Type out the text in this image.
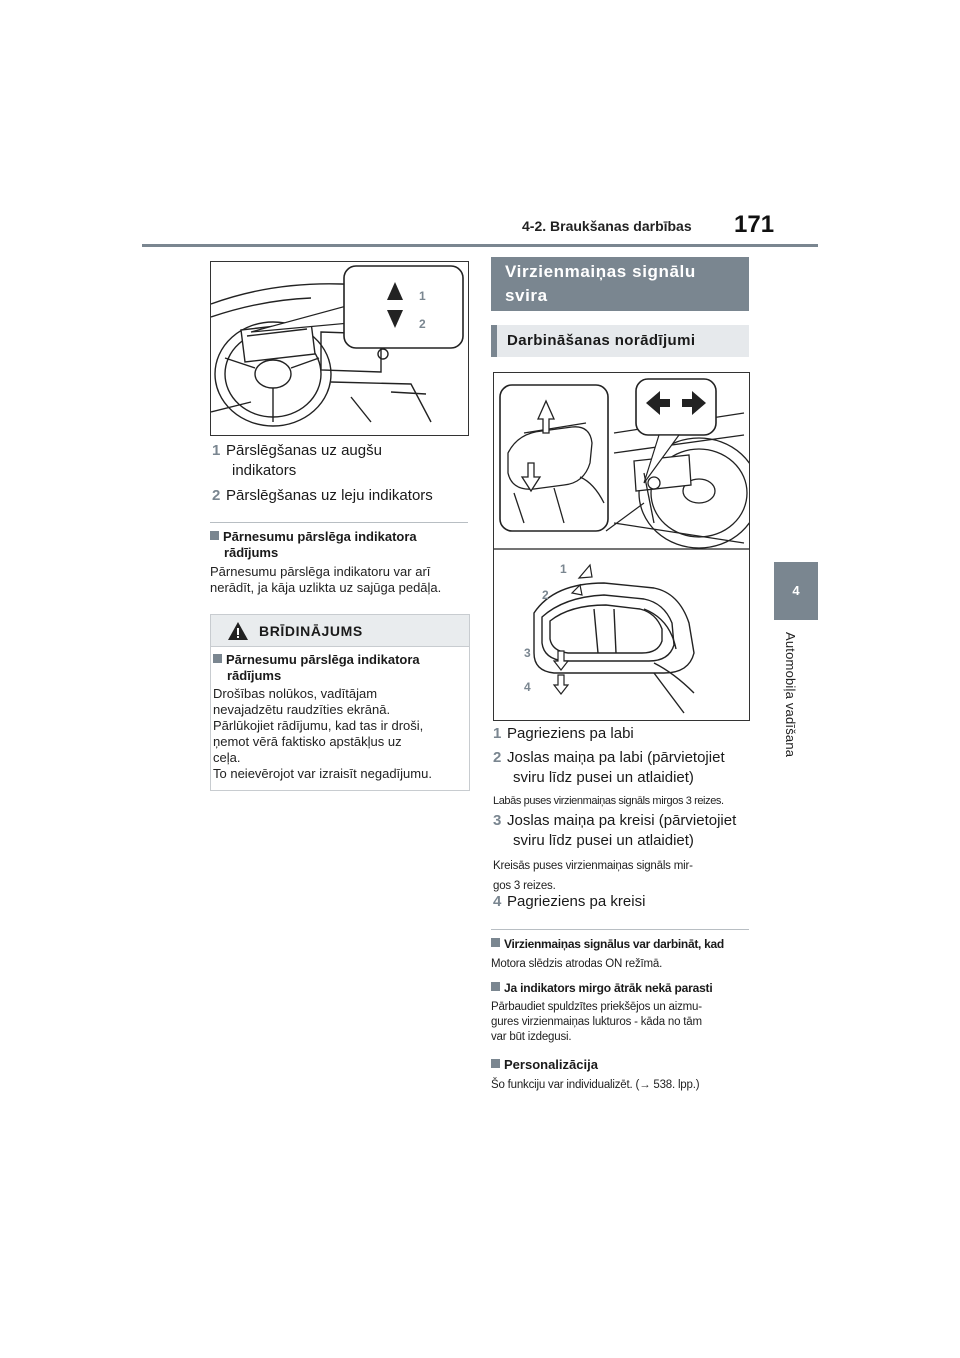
4-2. Braukšanas darbības 171
4
Automobiļa vadīšana
1
2
1 Pārslēgšanas uz augšu
indikators
2 Pārslēgšanas uz leju indikators
Pārnesumu pārslēga indikatora
rādījums
Pārnesumu pārslēga indikatoru var arī
nerādīt, ja kāja uzlikta uz sajūga pedāļa.
BRĪDINĀJUMS
Pārnesumu pārslēga indikatora
rādījums
Drošības nolūkos, vadītājam
nevajadzētu raudzīties ekrānā.
Pārlūkojiet rādījumu, kad tas ir droši,
ņemot vērā faktisko apstākļus uz
ceļa.
To neievērojot var izraisīt negadījumu.
Virzienmaiņas signālu
svira
Darbināšanas norādījumi
1
2
3
4
1 Pagrieziens pa labi
2 Joslas maiņa pa labi (pārvietojiet
sviru līdz pusei un atlaidiet)
Labās puses virzienmaiņas signāls mirgos 3 reizes.
3 Joslas maiņa pa kreisi (pārvietojiet
sviru līdz pusei un atlaidiet)
Kreisās puses virzienmaiņas signāls mir-
gos 3 reizes.
4 Pagrieziens pa kreisi
Virzienmaiņas signālus var darbināt, kad
Motora slēdzis atrodas ON režīmā.
Ja indikators mirgo ātrāk nekā parasti
Pārbaudiet spuldzītes priekšējos un aizmu-
gures virzienmaiņas lukturos - kāda no tām
var būt izdegusi.
Personalizācija
Šo funkciju var individualizēt. (→ 538. lpp.)
